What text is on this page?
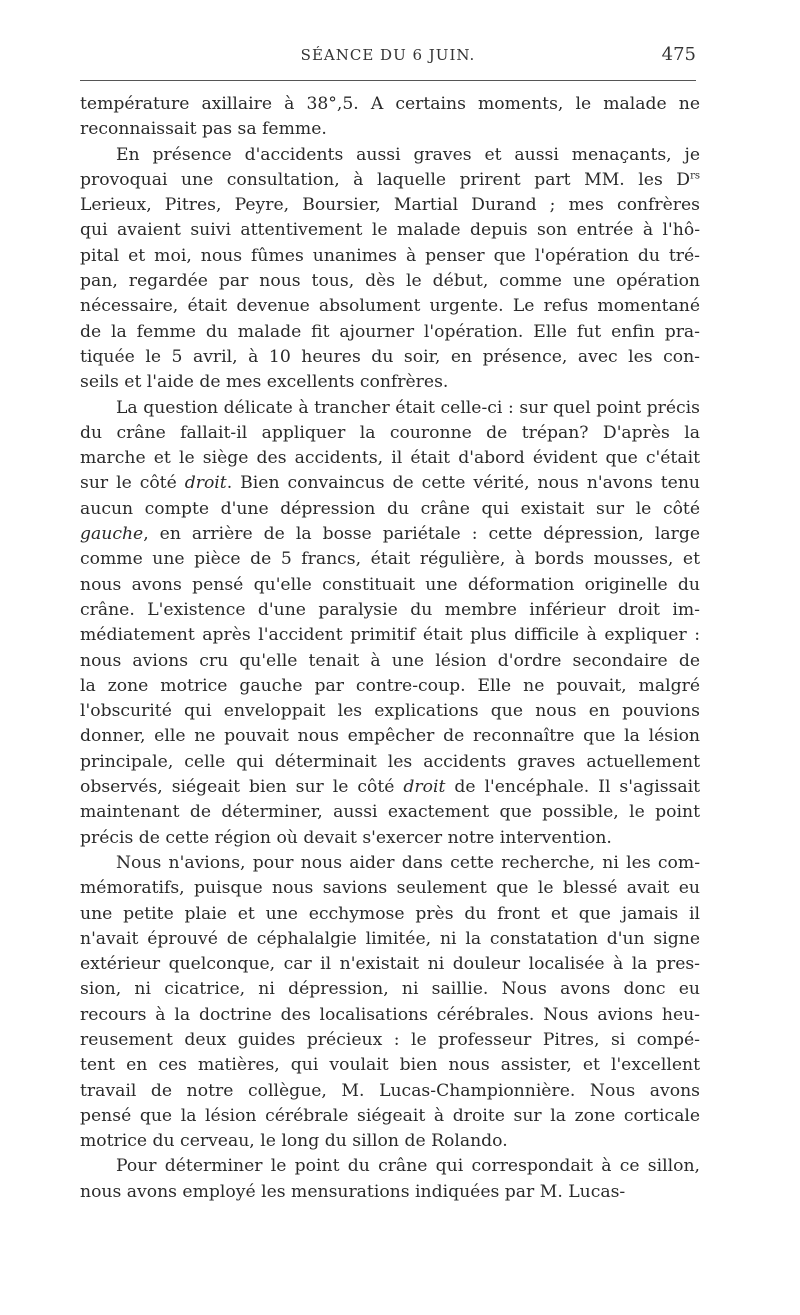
SÉANCE DU 6 JUIN.	475

température axillaire à 38°,5. A certains moments, le malade ne
reconnaissait pas sa femme.

En présence d'accidents aussi graves et aussi menaçants, je
provoquai une consultation, à laquelle prirent part MM. les $D^{rs}$
Lerieux, Pitres, Peyre, Boursier, Martial Durand ; mes confrères
qui avaient suivi attentivement le malade depuis son entrée à l'hô-
pital et moi, nous fûmes unanimes à penser que l'opération du tré-
pan, regardée par nous tous, dès le début, comme une opération
nécessaire, était devenue absolument urgente. Le refus momentané
de la femme du malade fit ajourner l'opération. Elle fut enfin pra-
tiquée le 5 avril, à 10 heures du soir, en présence, avec les con-
seils et l'aide de mes excellents confrères.

La question délicate à trancher était celle-ci : sur quel point précis
du crâne fallait-il appliquer la couronne de trépan? D'après la
marche et le siège des accidents, il était d'abord évident que c'était
sur le côté droit. Bien convaincus de cette vérité, nous n'avons tenu
aucun compte d'une dépression du crâne qui existait sur le côté
gauche, en arrière de la bosse pariétale : cette dépression, large
comme une pièce de 5 francs, était régulière, à bords mousses, et
nous avons pensé qu'elle constituait une déformation originelle du
crâne. L'existence d'une paralysie du membre inférieur droit im-
médiatement après l'accident primitif était plus difficile à expliquer :
nous avions cru qu'elle tenait à une lésion d'ordre secondaire de
la zone motrice gauche par contre-coup. Elle ne pouvait, malgré
l'obscurité qui enveloppait les explications que nous en pouvions
donner, elle ne pouvait nous empêcher de reconnaître que la lésion
principale, celle qui déterminait les accidents graves actuellement
observés, siégeait bien sur le côté droit de l'encéphale. Il s'agissait
maintenant de déterminer, aussi exactement que possible, le point
précis de cette région où devait s'exercer notre intervention.

Nous n'avions, pour nous aider dans cette recherche, ni les com-
mémoratifs, puisque nous savions seulement que le blessé avait eu
une petite plaie et une ecchymose près du front et que jamais il
n'avait éprouvé de céphalalgie limitée, ni la constatation d'un signe
extérieur quelconque, car il n'existait ni douleur localisée à la pres-
sion, ni cicatrice, ni dépression, ni saillie. Nous avons donc eu
recours à la doctrine des localisations cérébrales. Nous avions heu-
reusement deux guides précieux : le professeur Pitres, si compé-
tent en ces matières, qui voulait bien nous assister, et l'excellent
travail de notre collègue, M. Lucas-Championnière. Nous avons
pensé que la lésion cérébrale siégeait à droite sur la zone corticale
motrice du cerveau, le long du sillon de Rolando.

Pour déterminer le point du crâne qui correspondait à ce sillon,
nous avons employé les mensurations indiquées par M. Lucas-
